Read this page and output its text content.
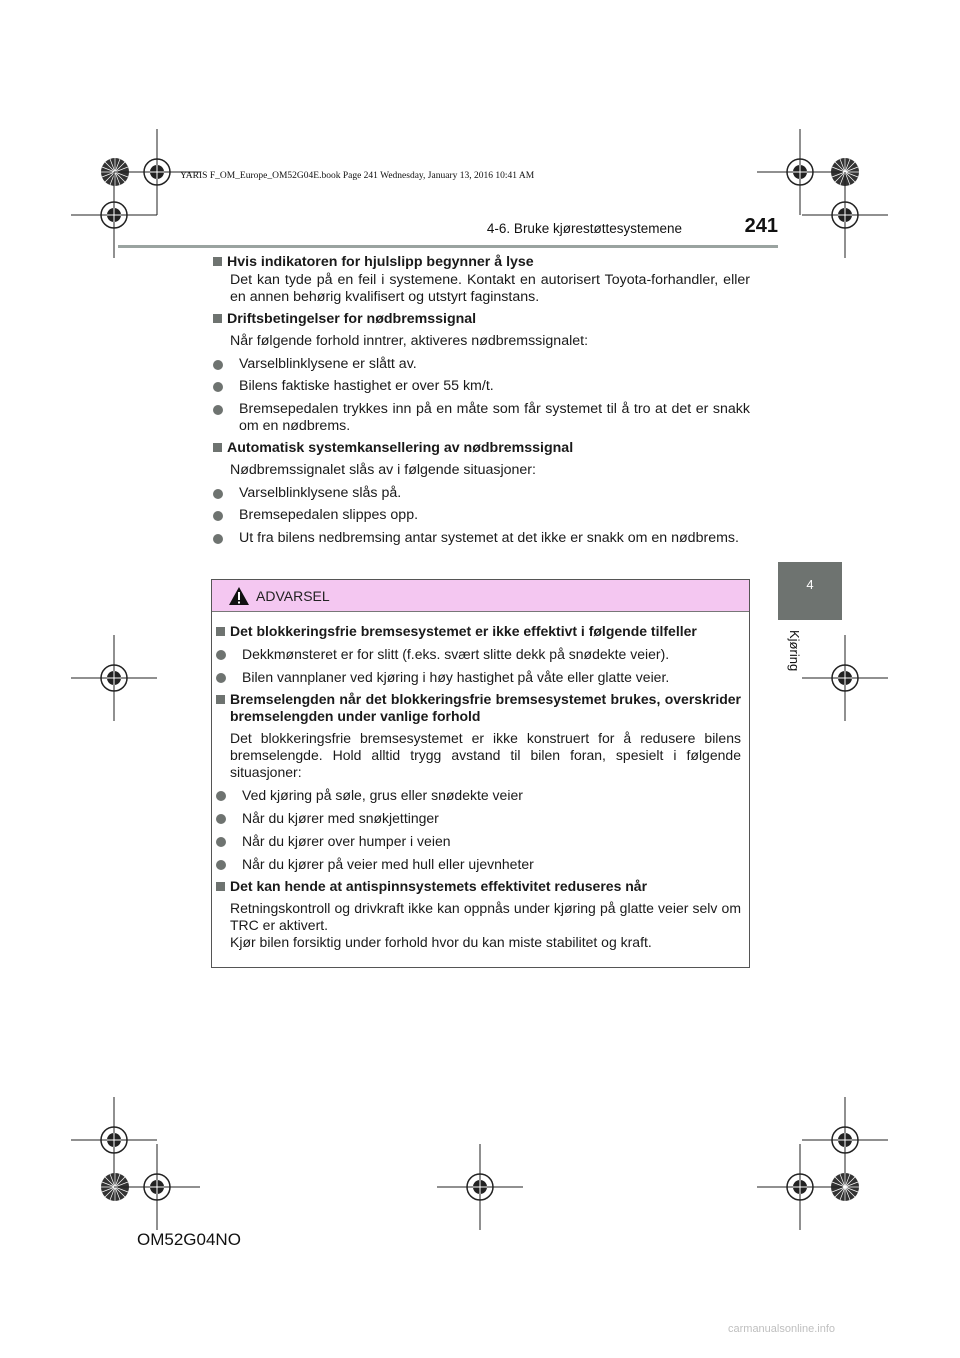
YARIS F_OM_Europe_OM52G04E.book Page 241 Wednesday, January 13, 2016 10:41 AM
4-6. Bruke kjørestøttesystemene	241
4
Kjøring
Hvis indikatoren for hjulslipp begynner å lyse
Det kan tyde på en feil i systemene. Kontakt en autorisert Toyota-forhandler, eller en annen behørig kvalifisert og utstyrt faginstans.
Driftsbetingelser for nødbremssignal
Når følgende forhold inntrer, aktiveres nødbremssignalet:
Varselblinklysene er slått av.
Bilens faktiske hastighet er over 55 km/t.
Bremsepedalen trykkes inn på en måte som får systemet til å tro at det er snakk om en nødbrems.
Automatisk systemkansellering av nødbremssignal
Nødbremssignalet slås av i følgende situasjoner:
Varselblinklysene slås på.
Bremsepedalen slippes opp.
Ut fra bilens nedbremsing antar systemet at det ikke er snakk om en nødbrems.
ADVARSEL
Det blokkeringsfrie bremsesystemet er ikke effektivt i følgende tilfeller
Dekkmønsteret er for slitt (f.eks. svært slitte dekk på snødekte veier).
Bilen vannplaner ved kjøring i høy hastighet på våte eller glatte veier.
Bremselengden når det blokkeringsfrie bremsesystemet brukes, overskrider bremselengden under vanlige forhold
Det blokkeringsfrie bremsesystemet er ikke konstruert for å redusere bilens bremselengde. Hold alltid trygg avstand til bilen foran, spesielt i følgende situasjoner:
Ved kjøring på søle, grus eller snødekte veier
Når du kjører med snøkjettinger
Når du kjører over humper i veien
Når du kjører på veier med hull eller ujevnheter
Det kan hende at antispinnsystemets effektivitet reduseres når
Retningskontroll og drivkraft ikke kan oppnås under kjøring på glatte veier selv om TRC er aktivert.
Kjør bilen forsiktig under forhold hvor du kan miste stabilitet og kraft.
OM52G04NO
carmanualsonline.info
